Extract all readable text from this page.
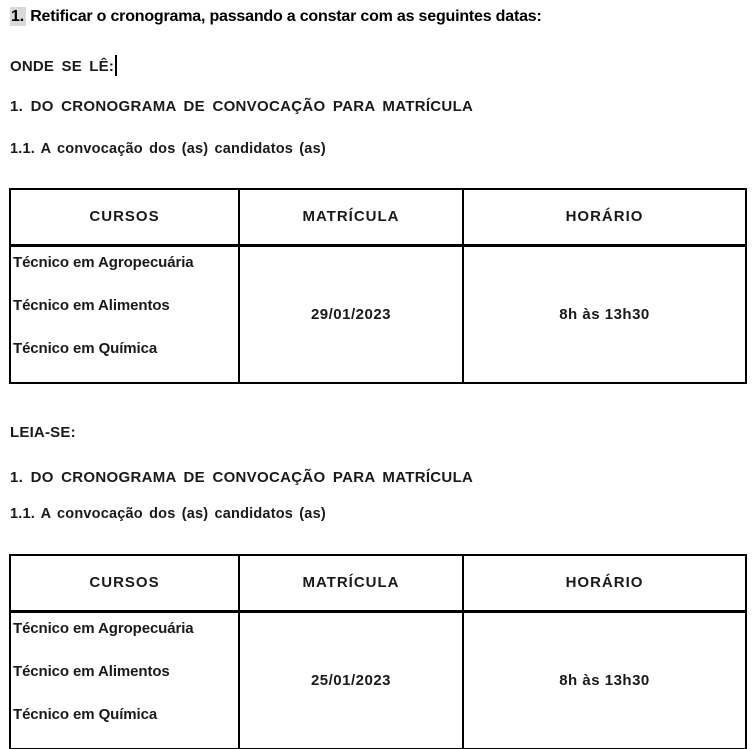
1. Retificar o cronograma, passando a constar com as seguintes datas:

ONDE SE LÊ:
1. DO CRONOGRAMA DE CONVOCAÇÃO PARA MATRÍCULA
1.1. A convocação dos (as) candidatos (as)
CURSOS	MATRÍCULA	HORÁRIO

Técnico em Agropecuária
Técnico em Alimentos
Técnico em Química	29/01/2023	8h às 13h30
LEIA-SE:
1. DO CRONOGRAMA DE CONVOCAÇÃO PARA MATRÍCULA
1.1. A convocação dos (as) candidatos (as)
CURSOS	MATRÍCULA	HORÁRIO

Técnico em Agropecuária
Técnico em Alimentos
Técnico em Química	25/01/2023	8h às 13h30
